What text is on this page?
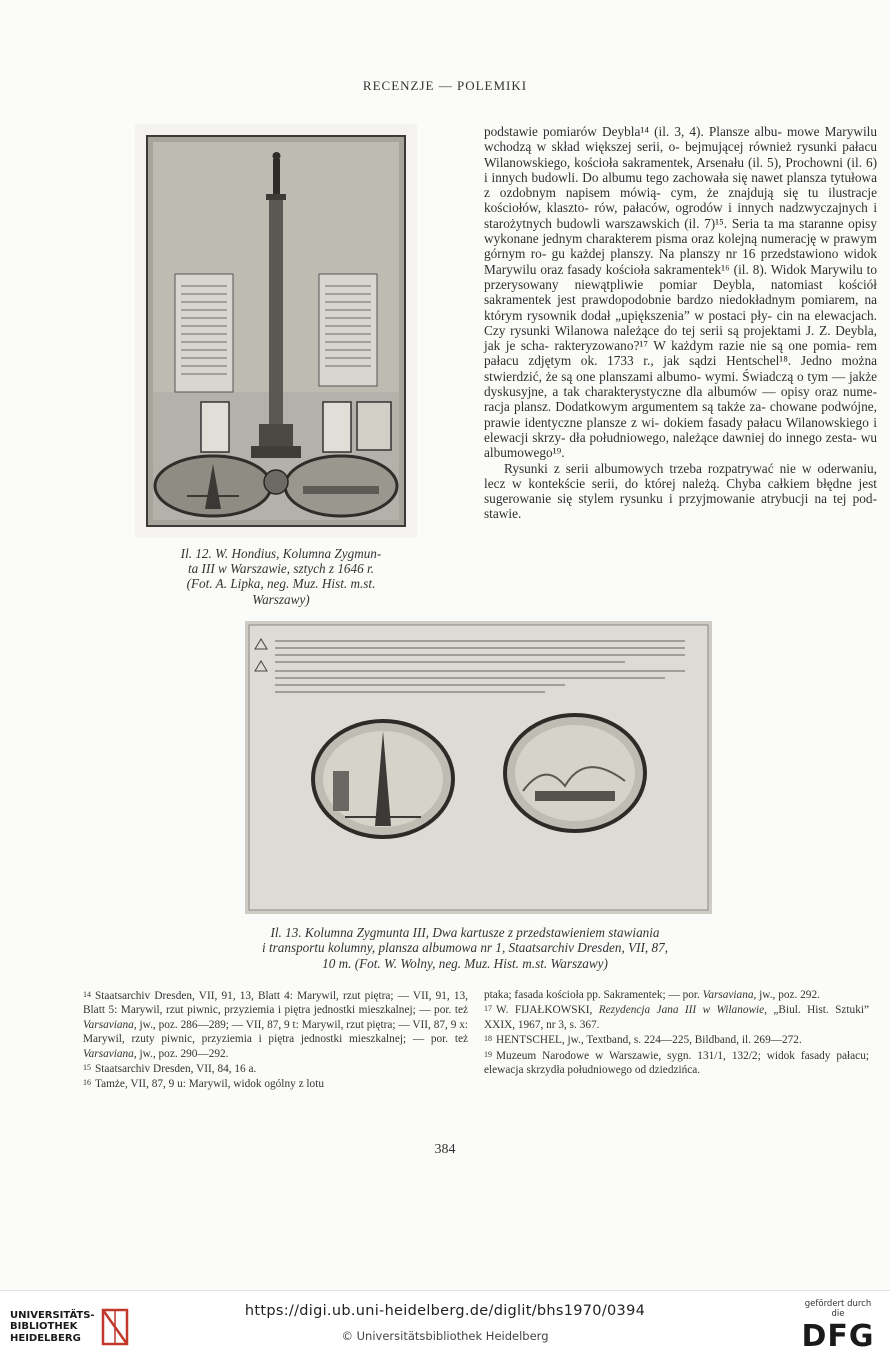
RECENZJE — POLEMIKI
Il. 12. W. Hondius, Kolumna Zygmun-
ta III w Warszawie, sztych z 1646 r.
(Fot. A. Lipka, neg. Muz. Hist. m.st.
Warszawy)

podstawie pomiarów Deybla¹⁴ (il. 3, 4). Plansze albu- mowe Marywilu wchodzą w skład większej serii, o- bejmującej również rysunki pałacu Wilanowskiego, kościoła sakramentek, Arsenału (il. 5), Prochowni (il. 6) i innych budowli. Do albumu tego zachowała się nawet plansza tytułowa z ozdobnym napisem mówią- cym, że znajdują się tu ilustracje kościołów, klaszto- rów, pałaców, ogrodów i innych nadzwyczajnych i starożytnych budowli warszawskich (il. 7)¹⁵. Seria ta ma staranne opisy wykonane jednym charakterem pisma oraz kolejną numerację w prawym górnym ro- gu każdej planszy. Na planszy nr 16 przedstawiono widok Marywilu oraz fasady kościoła sakramentek¹⁶ (il. 8). Widok Marywilu to przerysowany niewątpliwie pomiar Deybla, natomiast kościół sakramentek jest prawdopodobnie bardzo niedokładnym pomiarem, na którym rysownik dodał „upiększenia” w postaci pły- cin na elewacjach. Czy rysunki Wilanowa należące do tej serii są projektami J. Z. Deybla, jak je scha- rakteryzowano?¹⁷ W każdym razie nie są one pomia- rem pałacu zdjętym ok. 1733 r., jak sądzi Hentschel¹⁸. Jedno można stwierdzić, że są one planszami albumo- wymi. Świadczą o tym — jakże dyskusyjne, a tak charakterystyczne dla albumów — opisy oraz nume- racja plansz. Dodatkowym argumentem są także za- chowane podwójne, prawie identyczne plansze z wi- dokiem fasady pałacu Wilanowskiego i elewacji skrzy- dła południowego, należące dawniej do innego zesta- wu albumowego¹⁹.

Rysunki z serii albumowych trzeba rozpatrywać nie w oderwaniu, lecz w kontekście serii, do której należą. Chyba całkiem błędne jest sugerowanie się stylem rysunku i przyjmowanie atrybucji na tej pod- stawie.

Il. 13. Kolumna Zygmunta III, Dwa kartusze z przedstawieniem stawiania
i transportu kolumny, plansza albumowa nr 1, Staatsarchiv Dresden, VII, 87,
10 m. (Fot. W. Wolny, neg. Muz. Hist. m.st. Warszawy)

14 Staatsarchiv Dresden, VII, 91, 13, Blatt 4: Marywil, rzut piętra; — VII, 91, 13, Blatt 5: Marywil, rzut piwnic, przyziemia i piętra jednostki mieszkalnej; — por. też Varsaviana, jw., poz. 286—289; — VII, 87, 9 t: Marywil, rzut piętra; — VII, 87, 9 x: Marywil, rzuty piwnic, przyziemia i piętra jednostki mieszkalnej; — por. też Varsaviana, jw., poz. 290—292.

15 Staatsarchiv Dresden, VII, 84, 16 a.

16 Tamże, VII, 87, 9 u: Marywil, widok ogólny z lotu

ptaka; fasada kościoła pp. Sakramentek; — por. Varsaviana, jw., poz. 292.

17 W. FIJAŁKOWSKI, Rezydencja Jana III w Wilanowie, „Biul. Hist. Sztuki” XXIX, 1967, nr 3, s. 367.

18 HENTSCHEL, jw., Textband, s. 224—225, Bildband, il. 269—272.

19 Muzeum Narodowe w Warszawie, sygn. 131/1, 132/2; widok fasady pałacu; elewacja skrzydła południowego od dziedzińca.

384
UNIVERSITÄTS-
BIBLIOTHEK
HEIDELBERG
https://digi.ub.uni-heidelberg.de/diglit/bhs1970/0394
© Universitätsbibliothek Heidelberg
gefördert durch die
DFG
